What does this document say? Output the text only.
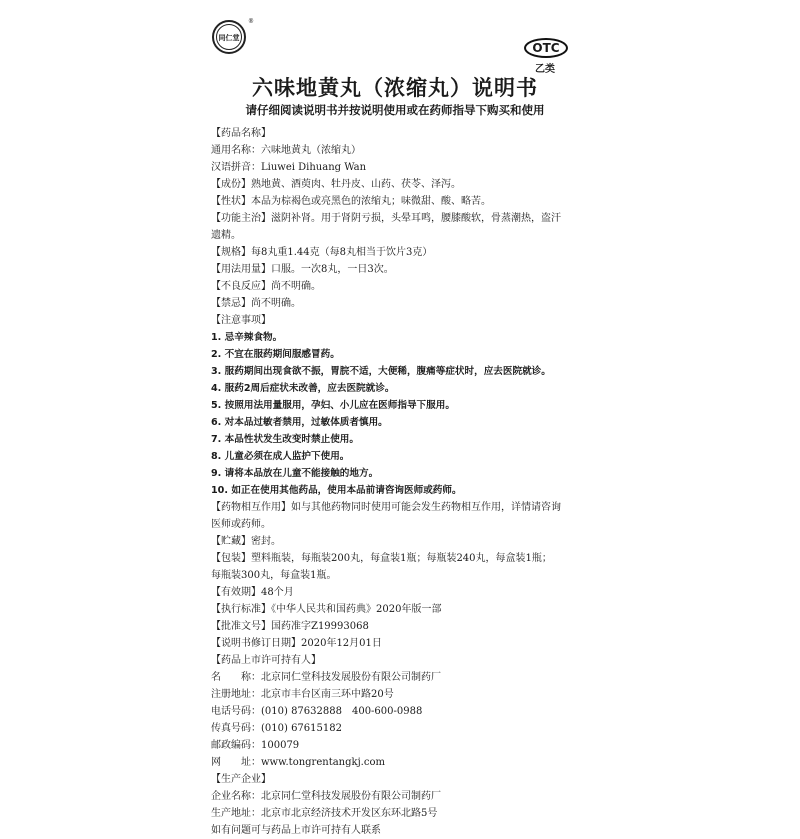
同仁堂
®
OTC
乙类
六味地黄丸（浓缩丸）说明书
请仔细阅读说明书并按说明使用或在药师指导下购买和使用
【药品名称】
通用名称：六味地黄丸（浓缩丸）
汉语拼音：Liuwei Dihuang Wan
【成份】熟地黄、酒萸肉、牡丹皮、山药、茯苓、泽泻。
【性状】本品为棕褐色或亮黑色的浓缩丸；味微甜、酸、略苦。
【功能主治】滋阴补肾。用于肾阴亏损，头晕耳鸣，腰膝酸软，骨蒸潮热，盗汗
遗精。
【规格】每8丸重1.44克（每8丸相当于饮片3克）
【用法用量】口服。一次8丸，一日3次。
【不良反应】尚不明确。
【禁忌】尚不明确。
【注意事项】
1. 忌辛辣食物。
2. 不宜在服药期间服感冒药。
3. 服药期间出现食欲不振，胃脘不适，大便稀，腹痛等症状时，应去医院就诊。
4. 服药2周后症状未改善，应去医院就诊。
5. 按照用法用量服用，孕妇、小儿应在医师指导下服用。
6. 对本品过敏者禁用，过敏体质者慎用。
7. 本品性状发生改变时禁止使用。
8. 儿童必须在成人监护下使用。
9. 请将本品放在儿童不能接触的地方。
10. 如正在使用其他药品，使用本品前请咨询医师或药师。
【药物相互作用】如与其他药物同时使用可能会发生药物相互作用，详情请咨询
医师或药师。
【贮藏】密封。
【包装】塑料瓶装，每瓶装200丸，每盒装1瓶；每瓶装240丸，每盒装1瓶；
每瓶装300丸，每盒装1瓶。
【有效期】48个月
【执行标准】《中华人民共和国药典》2020年版一部
【批准文号】国药准字Z19993068
【说明书修订日期】2020年12月01日
【药品上市许可持有人】
名　　称：北京同仁堂科技发展股份有限公司制药厂
注册地址：北京市丰台区南三环中路20号
电话号码：(010) 87632888　400-600-0988
传真号码：(010) 67615182
邮政编码：100079
网　　址：www.tongrentangkj.com
【生产企业】
企业名称：北京同仁堂科技发展股份有限公司制药厂
生产地址：北京市北京经济技术开发区东环北路5号
如有问题可与药品上市许可持有人联系
